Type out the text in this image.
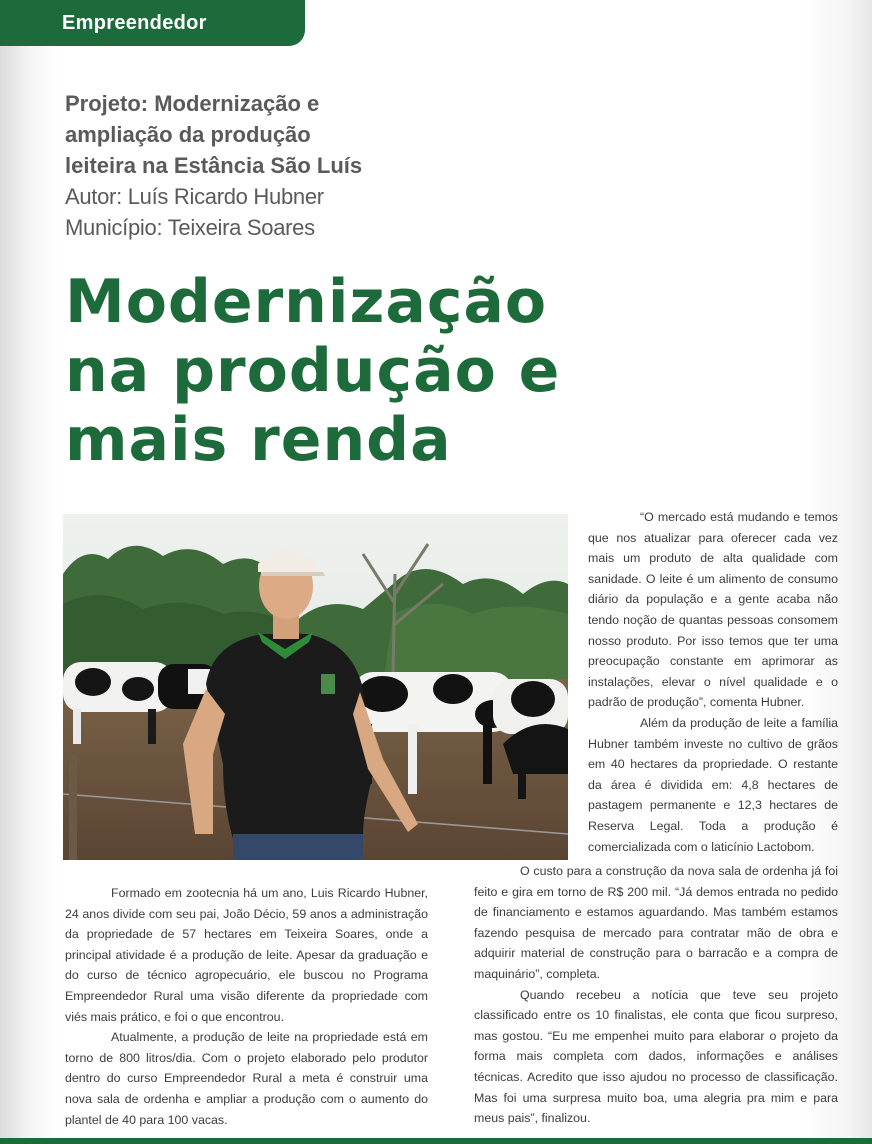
Empreendedor
Projeto: Modernização e
ampliação da produção
leiteira na Estância São Luís
Autor: Luís Ricardo Hubner
Município: Teixeira Soares
Modernização
na produção e
mais renda

“O mercado está mudando e temos que nos atualizar para oferecer cada vez mais um produto de alta qualidade com sanidade. O leite é um alimento de consumo diário da população e a gente acaba não tendo noção de quantas pessoas consomem nosso produto. Por isso temos que ter uma preocupação constante em aprimorar as instalações, elevar o nível qualidade e o padrão de produção”, comenta Hubner.

Além da produção de leite a família Hubner também investe no cultivo de grãos em 40 hectares da propriedade. O restante da área é dividida em: 4,8 hectares de pastagem permanente e 12,3 hectares de Reserva Legal. Toda a produção é comercializada com o laticínio Lactobom.

Formado em zootecnia há um ano, Luis Ricardo Hubner, 24 anos divide com seu pai, João Décio, 59 anos a administração da propriedade de 57 hectares em Teixeira Soares, onde a principal atividade é a produção de leite. Apesar da graduação e do curso de técnico agropecuário, ele buscou no Programa Empreendedor Rural uma visão diferente da propriedade com viés mais prático, e foi o que encontrou.

Atualmente, a produção de leite na propriedade está em torno de 800 litros/dia. Com o projeto elaborado pelo produtor dentro do curso Empreendedor Rural a meta é construir uma nova sala de ordenha e ampliar a produção com o aumento do plantel de 40 para 100 vacas.

O custo para a construção da nova sala de ordenha já foi feito e gira em torno de R$ 200 mil. “Já demos entrada no pedido de financiamento e estamos aguardando. Mas também estamos fazendo pesquisa de mercado para contratar mão de obra e adquirir material de construção para o barracão e a compra de maquinário”, completa.

Quando recebeu a notícia que teve seu projeto classificado entre os 10 finalistas, ele conta que ficou surpreso, mas gostou. “Eu me empenhei muito para elaborar o projeto da forma mais completa com dados, informações e análises técnicas. Acredito que isso ajudou no processo de classificação. Mas foi uma surpresa muito boa, uma alegria pra mim e para meus pais”, finalizou.
